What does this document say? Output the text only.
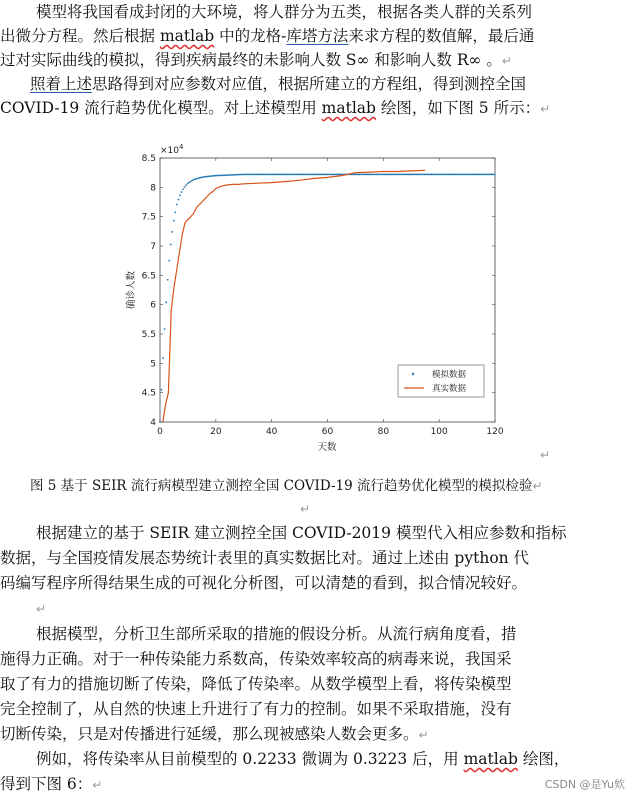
模型将我国看成封闭的大环境，将人群分为五类，根据各类人群的关系列
出微分方程。然后根据 matlab 中的龙格-库塔方法来求方程的数值解，最后通
过对实际曲线的模拟，得到疾病最终的未影响人数 S∞ 和影响人数 R∞ 。↵
照着上述思路得到对应参数对应值，根据所建立的方程组，得到测控全国
COVID-19 流行趋势优化模型。对上述模型用 matlab 绘图，如下图 5 所示：↵
4
4.5
5
5.5
6
6.5
7
7.5
8
8.5
0	20	40	60	80	100	120
$\times 10^4$
天数
确诊人数
模拟数据
真实数据
↵
图 5 基于 SEIR 流行病模型建立测控全国 COVID-19 流行趋势优化模型的模拟检验↵
↵
根据建立的基于 SEIR 建立测控全国 COVID-2019 模型代入相应参数和指标
数据，与全国疫情发展态势统计表里的真实数据比对。通过上述由 python 代
码编写程序所得结果生成的可视化分析图，可以清楚的看到，拟合情况较好。
↵
根据模型，分析卫生部所采取的措施的假设分析。从流行病角度看，措
施得力正确。对于一种传染能力系数高，传染效率较高的病毒来说，我国采
取了有力的措施切断了传染，降低了传染率。从数学模型上看，将传染模型
完全控制了，从自然的快速上升进行了有力的控制。如果不采取措施，没有
切断传染，只是对传播进行延缓，那么现被感染人数会更多。↵
例如，将传染率从目前模型的 0.2233 微调为 0.3223 后，用 matlab 绘图，
得到下图 6：↵	CSDN @是Yu欸
